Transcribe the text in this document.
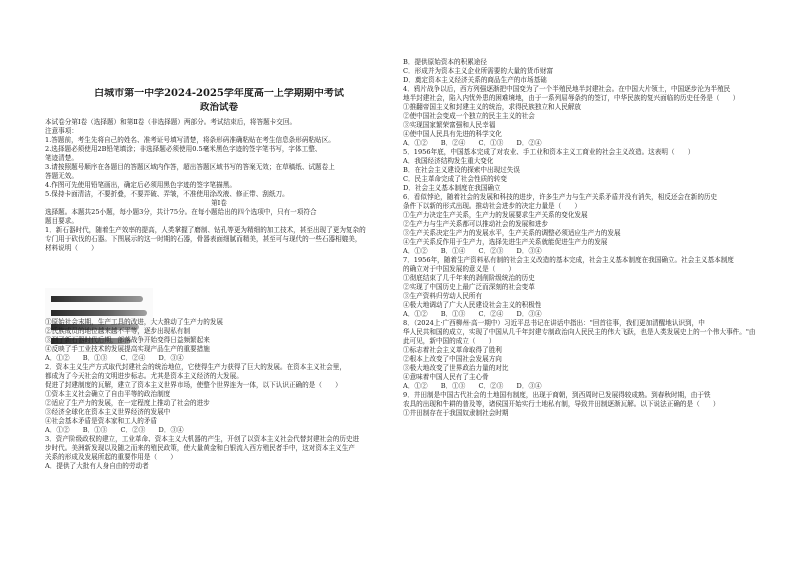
白城市第一中学2024-2025学年度高一上学期期中考试
政治试卷
本试卷分第Ⅰ卷（选择题）和第Ⅱ卷（非选择题）两部分。考试结束后，将答题卡交回。
注意事项：
1.答题前，考生先将自己的姓名、准考证号填写清楚，将条形码准确粘贴在考生信息条形码粘贴区。
2.选择题必须使用2B铅笔填涂；非选择题必须使用0.5毫米黑色字迹的签字笔书写，字体工整、
笔迹清楚。
3.请按照题号顺序在各题目的答题区域内作答，超出答题区域书写的答案无效；在草稿纸、试题卷上
答题无效。
4.作图可先使用铅笔画出，确定后必须用黑色字迹的签字笔描黑。
5.保持卡面清洁，不要折叠，不要弄破、弄皱，不准使用涂改液、修正带、刮纸刀。
第Ⅰ卷
选择题。本题共25小题，每小题3分，共计75分。在每小题给出的四个选项中，只有一项符合
题目要求。
1．新石器时代，随着生产效率的提高，人类掌握了磨制、钻孔等更为精细的加工技术，甚至出现了更为复杂的
专门用于砍伐的石器。下图展示的这一时期的石器，骨器表面细腻而精美，甚至可与现代的一些石器相媲美，
材料说明（　　）
①原始社会末期，生产工具的改进，大大推动了生产力的发展
②氏族成员的地位越来越不平等，逐步出现私有制
③到了新石器时代后期，部落战争开始变得日益频繁起来
④反映了手工业技术的发展提高实现产品生产的重要措施
A．①②　　B．①③　　C．②④　　D．③④
2．资本主义生产方式取代封建社会的统治地位，它使得生产力获得了巨大的发展。在资本主义社会里，
都成为了今天社会的文明进步标志。尤其是资本主义经济的大发展。
促进了封建制度的瓦解，建立了资本主义世界市场，使整个世界连为一体，以下认识正确的是（　　）
①资本主义社会确立了自由平等的政治制度
②适应了生产力的发展，在一定程度上推动了社会的进步
③经济全球化在资本主义世界经济的发展中
④社会基本矛盾是资本家和工人的矛盾
A．①②　　B．①③　　C．②③　　D．③④
3．资产阶级政权的建立，工业革命、资本主义大机器的产生，开创了以资本主义社会代替封建社会的历史进
步时代。美洲新发现以及随之而来的殖民政策，使大量黄金和白银流入西方殖民者手中，这对资本主义生产
关系的形成及发展所起的重要作用是（　　）
A．提供了大批有人身自由的劳动者
B．提供原始资本的积累途径
C．形成并为资本主义企业所需要的大量的货币财富
D．奠定资本主义经济关系的商品生产的市场基础
4．鸦片战争以后，西方列强逐渐把中国变为了一个半殖民地半封建社会。在中国大片领土，中国逐步沦为半殖民
地半封建社会，陷入内忧外患的困难境地，由于一系列屈辱条约的签订，中华民族的复兴面临的历史任务是（　　）
①推翻帝国主义和封建主义的统治，求得民族独立和人民解放
②使中国社会变成一个独立的民主主义的社会
③实现国家繁荣富强和人民幸福
④使中国人民具有先进的科学文化
A．①②　　B．②④　　C．①③　　D．②④
5．1956年底，中国基本完成了对农业、手工业和资本主义工商业的社会主义改造。这表明（　　）
A．我国经济结构发生重大变化
B．在社会主义建设的探索中出现过失误
C．民主革命完成了社会性质的转变
D．社会主义基本制度在我国确立
6．看似悖论，随着社会的发展和科技的进步，许多生产力与生产关系矛盾并没有消失，相反还会在新的历史
条件下以新的形式出现。推动社会进步的决定力量是（　　）
①生产力决定生产关系，生产力的发展要求生产关系的变化发展
②生产力与生产关系都可以推动社会的发展和进步
③生产关系决定生产力的发展水平，生产关系的调整必须适应生产力的发展
④生产关系反作用于生产力，选择先进生产关系就能促进生产力的发展
A．①②　　B．①④　　C．②③　　D．③④
7．1956年，随着生产资料私有制的社会主义改造的基本完成，社会主义基本制度在我国确立。社会主义基本制度
的确立对于中国发展的意义是（　　）
①彻底结束了几千年来的剥削阶级统治的历史
②实现了中国历史上最广泛而深刻的社会变革
③生产资料归劳动人民所有
④极大地调动了广大人民建设社会主义的积极性
A．①②　　B．①③　　C．②④　　D．③④
8．（2024上·广西柳州·高一期中）习近平总书记在讲话中指出："回首往事，我们更加清醒地认识到，中
华人民共和国的成立，实现了中国从几千年封建专制政治向人民民主的伟大飞跃，也是人类发展史上的一个伟大事件。"由
此可见，新中国的成立（　　）
①标志着社会主义革命取得了胜利
②根本上改变了中国社会发展方向
③极大地改变了世界政治力量的对比
④意味着中国人民有了主心骨
A．①②　　B．①③　　C．②③　　D．③④
9．井田制是中国古代社会的土地国有制度，出现于商朝，到西周时已发展得较成熟。到春秋时期，由于铁
农具的出现和牛耕的普及等，诸侯国开始实行土地私有制，导致井田制逐渐瓦解。以下说法正确的是（　　）
①井田制存在于我国奴隶制社会时期
